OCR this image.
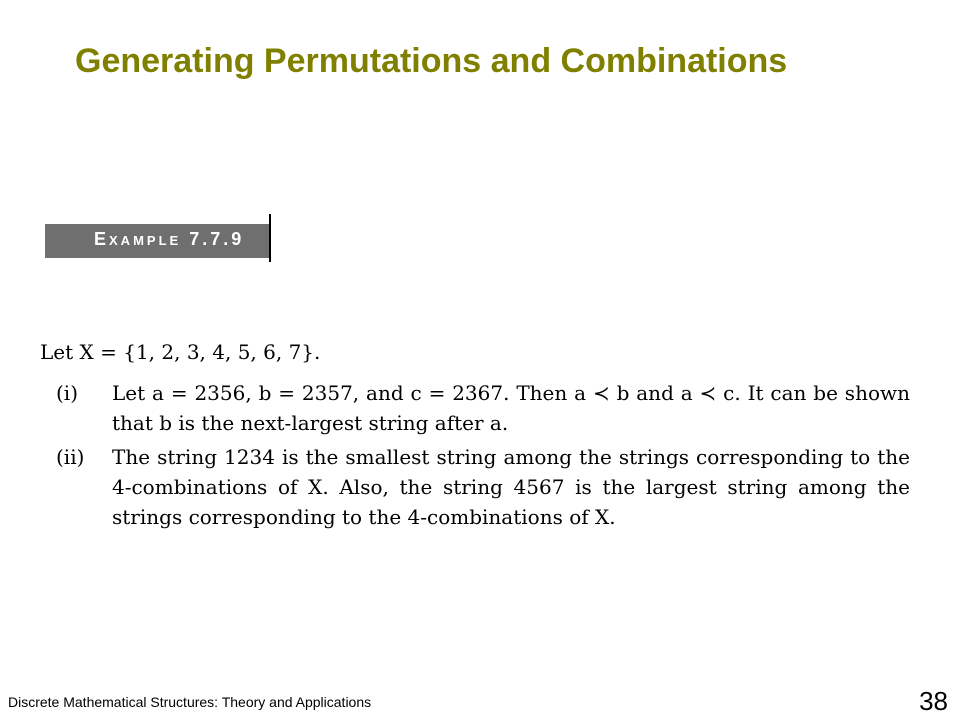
Generating Permutations and Combinations
EXAMPLE 7.7.9

Let X = {1, 2, 3, 4, 5, 6, 7}.

(i)	Let a = 2356, b = 2357, and c = 2367. Then a ≺ b and a ≺ c. It can be shown that b is the next-largest string after a.
(ii)	The string 1234 is the smallest string among the strings corresponding to the 4-combinations of X. Also, the string 4567 is the largest string among the strings corresponding to the 4-combinations of X.
Discrete Mathematical Structures: Theory and Applications	38
